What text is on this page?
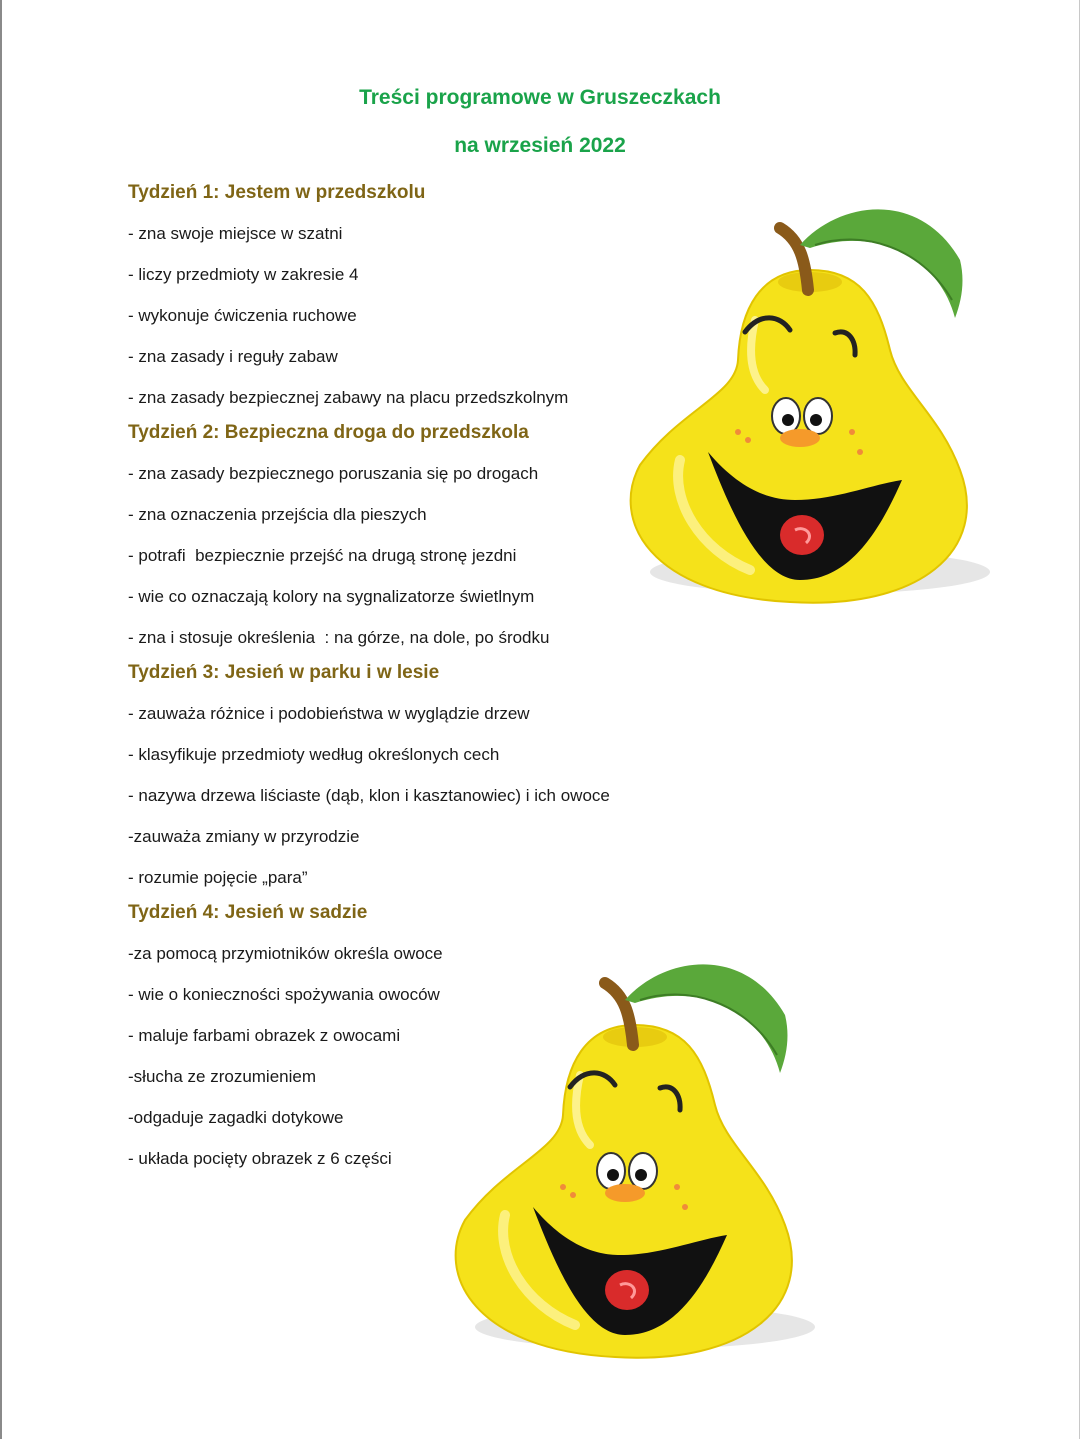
Treści programowe w Gruszeczkach
na wrzesień 2022
Tydzień 1: Jestem w przedszkolu
- zna swoje miejsce w szatni
- liczy przedmioty w zakresie 4
- wykonuje ćwiczenia ruchowe
- zna zasady i reguły zabaw
- zna zasady bezpiecznej zabawy na placu przedszkolnym
Tydzień 2: Bezpieczna droga do przedszkola
- zna zasady bezpiecznego poruszania się po drogach
- zna oznaczenia przejścia dla pieszych
- potrafi  bezpiecznie przejść na drugą stronę jezdni
- wie co oznaczają kolory na sygnalizatorze świetlnym
- zna i stosuje określenia  : na górze, na dole, po środku
Tydzień 3: Jesień w parku i w lesie
- zauważa różnice i podobieństwa w wyglądzie drzew
- klasyfikuje przedmioty według określonych cech
- nazywa drzewa liściaste (dąb, klon i kasztanowiec) i ich owoce
-zauważa zmiany w przyrodzie
- rozumie pojęcie „para”
Tydzień 4: Jesień w sadzie
-za pomocą przymiotników określa owoce
- wie o konieczności spożywania owoców
- maluje farbami obrazek z owocami
-słucha ze zrozumieniem
-odgaduje zagadki dotykowe
- układa pocięty obrazek z 6 części
